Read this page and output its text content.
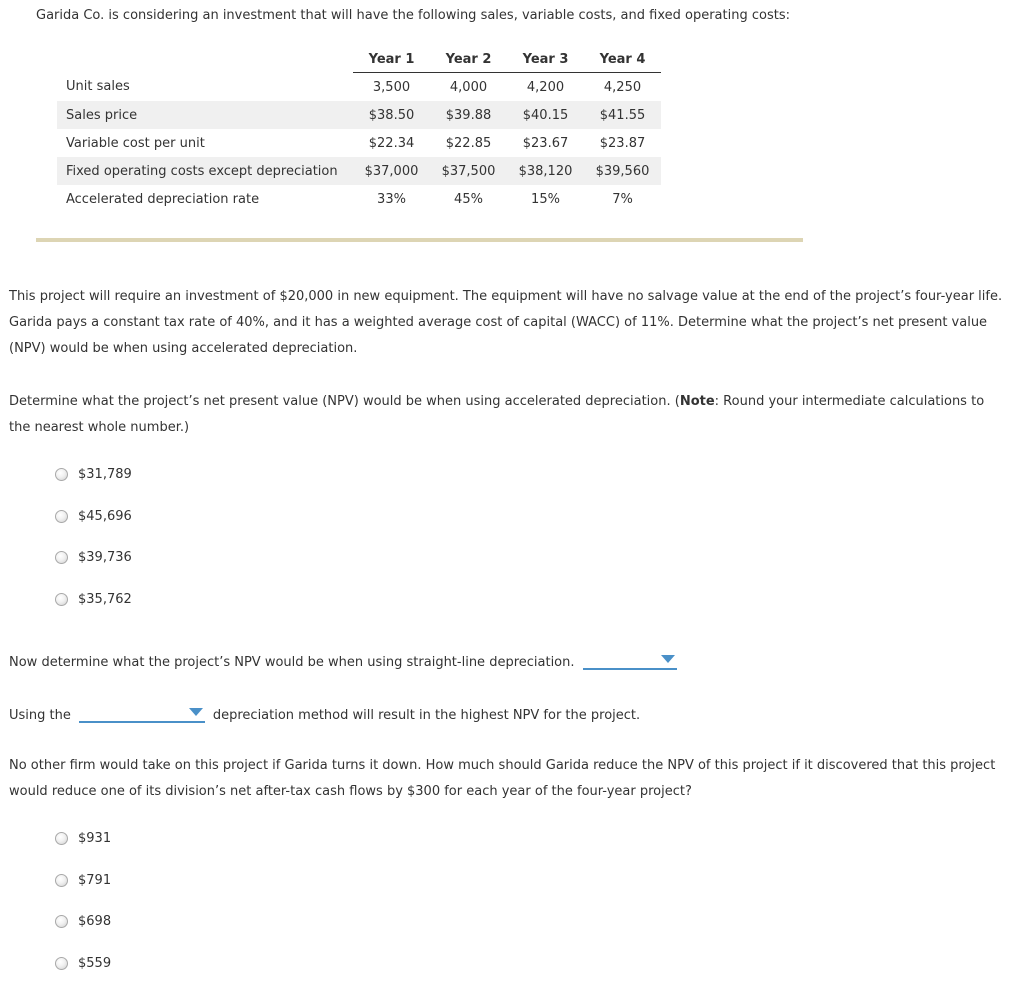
Garida Co. is considering an investment that will have the following sales, variable costs, and fixed operating costs:
	Year 1	Year 2	Year 3	Year 4
Unit sales	3,500	4,000	4,200	4,250
Sales price	$38.50	$39.88	$40.15	$41.55
Variable cost per unit	$22.34	$22.85	$23.67	$23.87
Fixed operating costs except depreciation	$37,000	$37,500	$38,120	$39,560
Accelerated depreciation rate	33%	45%	15%	7%

This project will require an investment of $20,000 in new equipment. The equipment will have no salvage value at the end of the project’s four-year life. Garida pays a constant tax rate of 40%, and it has a weighted average cost of capital (WACC) of 11%. Determine what the project’s net present value (NPV) would be when using accelerated depreciation.

Determine what the project’s net present value (NPV) would be when using accelerated depreciation. (Note: Round your intermediate calculations to the nearest whole number.)

$31,789
$45,696
$39,736
$35,762
Now determine what the project’s NPV would be when using straight-line depreciation.
Using the	depreciation method will result in the highest NPV for the project.

No other firm would take on this project if Garida turns it down. How much should Garida reduce the NPV of this project if it discovered that this project would reduce one of its division’s net after-tax cash flows by $300 for each year of the four-year project?

$931
$791
$698
$559
